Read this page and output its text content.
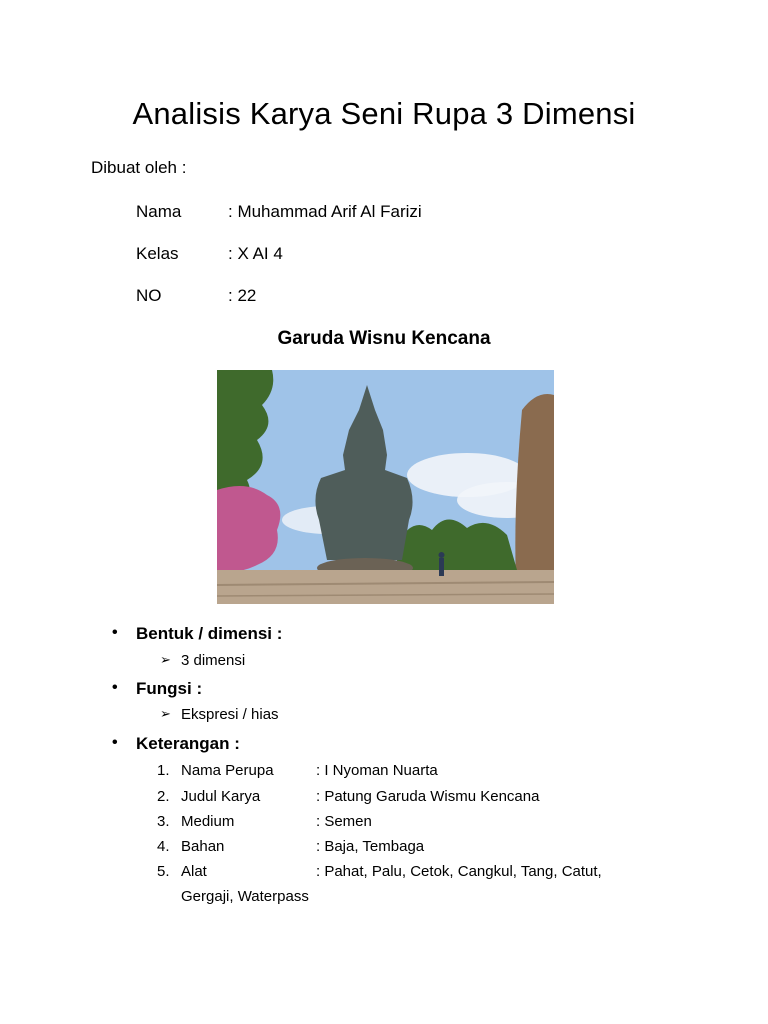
Analisis Karya Seni Rupa 3 Dimensi
Dibuat oleh :
Nama	: Muhammad Arif Al Farizi
Kelas	: X AI 4
NO	: 22
Garuda Wisnu Kencana
• Bentuk / dimensi :
➢ 3 dimensi
• Fungsi :
➢ Ekspresi / hias
• Keterangan :
1. Nama Perupa	: I Nyoman Nuarta
2. Judul Karya	: Patung Garuda Wismu Kencana
3. Medium	: Semen
4. Bahan	: Baja, Tembaga
5. Alat	: Pahat, Palu, Cetok, Cangkul, Tang, Catut,
Gergaji, Waterpass
